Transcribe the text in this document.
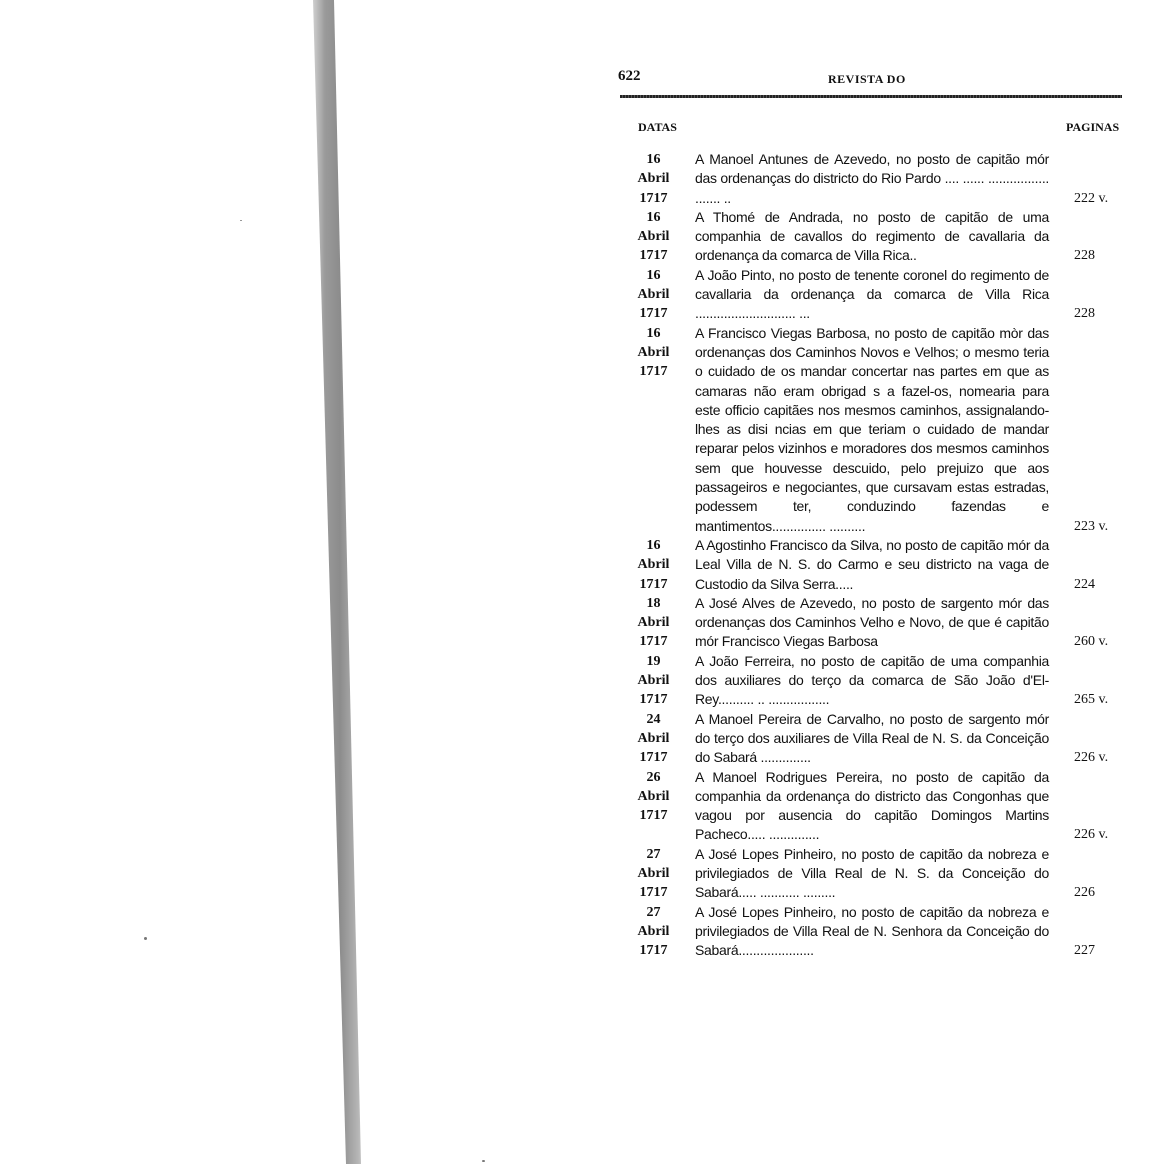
622	REVISTA DO
DATAS	PAGINAS
16
Abril
1717
A Manoel Antunes de Azevedo, no posto de capitão mór das ordenanças do districto do Rio Pardo .... ...... ................. ....... ..	222 v.
16
Abril
1717
A Thomé de Andrada, no posto de capitão de uma companhia de cavallos do regimento de cavallaria da ordenança da comarca de Villa Rica..	228
16
Abril
1717
A João Pinto, no posto de tenente coronel do regimento de cavallaria da ordenança da comarca de Villa Rica ............................ ...	228
16
Abril
1717
A Francisco Viegas Barbosa, no posto de capitão mòr das ordenanças dos Caminhos Novos e Velhos; o mesmo teria o cuidado de os mandar concertar nas partes em que as camaras não eram obrigad s a fazel-os, nomearia para este officio capitães nos mesmos caminhos, assignalando-lhes as disi ncias em que teriam o cuidado de mandar reparar pelos vizinhos e moradores dos mesmos caminhos sem que houvesse descuido, pelo prejuizo que aos passageiros e negociantes, que cursavam estas estradas, podessem ter, conduzindo fazendas e mantimentos............... ..........	223 v.
16
Abril
1717
A Agostinho Francisco da Silva, no posto de capitão mór da Leal Villa de N. S. do Carmo e seu districto na vaga de Custodio da Silva Serra.....	224
18
Abril
1717
A José Alves de Azevedo, no posto de sargento mór das ordenanças dos Caminhos Velho e Novo, de que é capitão mór Francisco Viegas Barbosa	260 v.
19
Abril
1717
A João Ferreira, no posto de capitão de uma companhia dos auxiliares do terço da comarca de São João d'El-Rey.......... .. .................	265 v.
24
Abril
1717
A Manoel Pereira de Carvalho, no posto de sargento mór do terço dos auxiliares de Villa Real de N. S. da Conceição do Sabará ..............	226 v.
26
Abril
1717
A Manoel Rodrigues Pereira, no posto de capitão da companhia da ordenança do districto das Congonhas que vagou por ausencia do capitão Domingos Martins Pacheco..... ..............	226 v.
27
Abril
1717
A José Lopes Pinheiro, no posto de capitão da nobreza e privilegiados de Villa Real de N. S. da Conceição do Sabará..... ........... .........	226
27
Abril
1717
A José Lopes Pinheiro, no posto de capitão da nobreza e privilegiados de Villa Real de N. Senhora da Conceição do Sabará.....................	227
